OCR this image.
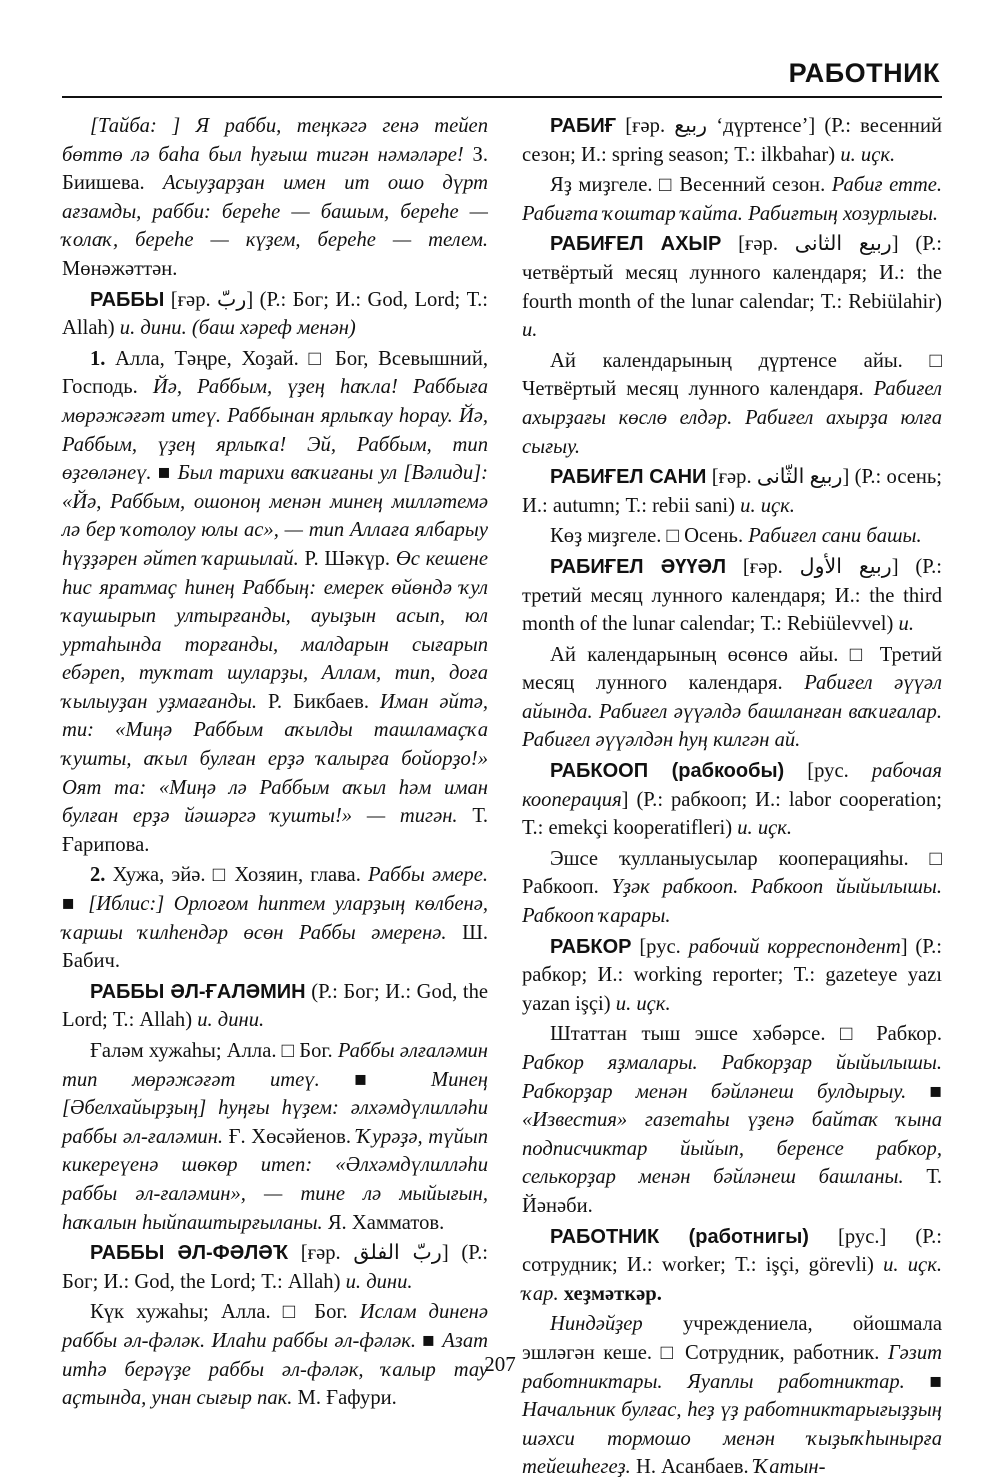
РАБОТНИК

[Тайба: ] Я рабби, теңкәгә генә тейеп бөттө лә баһа был һуғыш тигән нәмәләре! З. Биишева. Асыуҙарҙан имен ит ошо дүрт ағзамды, рабби: береһе — башым, береһе — ҡолаҡ, береһе — күҙем, береһе — телем. Мөнәжәттән.

РАББЫ [ғәр. ربّ] (Р.: Бог; И.: God, Lord; Т.: Allah) и. дини. (баш хәреф менән)

1. Алла, Тәңре, Хоҙай. □ Бог, Всевышний, Господь. Йә, Раббым, үҙең һаҡла! Раббыға мөрәжәғәт итеү. Раббынан ярлыҡау һорау. Йә, Раббым, үҙең ярлыҡа! Эй, Раббым, тип өҙгөләнеү. ■ Был тарихи ваҡиғаны ул [Вәлиди]: «Йә, Раббым, ошоноң менән минең милләтемә лә бер ҡотолоу юлы ас», — тип Аллаға ялбарыу һүҙҙәрен әйтеп ҡаршылай. Р. Шәкүр. Өс кешене һис яратмаҫ һинең Раббың: емерек өйөндә ҡул ҡаушырып ултырғанды, ауыҙын асып, юл уртаһында торғанды, малдарын сығарып ебәреп, туҡтат шуларҙы, Аллам, тип, доға ҡылыуҙан уҙмағанды. Р. Бикбаев. Иман әйтә, ти: «Миңә Раббым аҡылды ташламаҫҡа ҡушты, аҡыл булған ерҙә ҡалырға бойорҙо!» Оят та: «Миңә лә Раббым аҡыл һәм иман булған ерҙә йәшәргә ҡушты!» — тигән. Т. Ғарипова.

2. Хужа, эйә. □ Хозяин, глава. Раббы әмере. ■ [Иблис:] Орлоғом һиптем уларҙың көлбенә, ҡаршы ҡилһендәр өсөн Раббы әмеренә. Ш. Бабич.

РАББЫ ӘЛ-ҒАЛӘМИН (Р.: Бог; И.: God, the Lord; Т.: Allah) и. дини.

Ғаләм хужаһы; Алла. □ Бог. Раббы әлғаләмин тип мөрәжәғәт итеү. ■ Минең [Әбелхайырҙың] һуңғы һүҙем: әлхәмдүлилләһи раббы әл-ғаләмин. Ғ. Хөсәйенов. Ҡурәҙә, түйып кикереүенә шөкөр итеп: «Әлхәмдүлилләһи раббы әл-ғаләмин», — тине лә мыйығын, һаҡалын һыйпаштырғыланы. Я. Хамматов.

РАББЫ ӘЛ-ФӘЛӘҠ [ғәр. ربّ الفلق] (Р.: Бог; И.: God, the Lord; Т.: Allah) и. дини.

Күк хужаһы; Алла. □ Бог. Ислам диненә раббы әл-фәләк. Илаһи раббы әл-фәләк. ■ Азат итһә берәүҙе раббы әл-фәләк, ҡалыр тау аҫтында, унан сығыр пак. М. Ғафури.

РАБИҒ [ғәр. ربیع ‘дүртенсе’] (Р.: весенний сезон; И.: spring season; Т.: ilkbahar) и. иҫк.

Яҙ миҙгеле. □ Весенний сезон. Рабиғ етте. Рабиғта ҡоштар ҡайта. Рабиғтың хозурлығы.

РАБИҒЕЛ АХЫР [ғәр. ربیع الثانی] (Р.: четвёртый месяц лунного календаря; И.: the fourth month of the lunar calendar; Т.: Rebiülahir) и.

Ай календарының дүртенсе айы. □ Четвёртый месяц лунного календаря. Рабиғел ахырҙағы көслө елдәр. Рабиғел ахырҙа юлға сығыу.

РАБИҒЕЛ САНИ [ғәр. ربیع الثّانی] (Р.: осень; И.: autumn; Т.: rebii sani) и. иҫк.

Көҙ миҙгеле. □ Осень. Рабиғел сани башы.

РАБИҒЕЛ ӘҮҮӘЛ [ғәр. ربیع الأول] (Р.: третий месяц лунного календаря; И.: the third month of the lunar calendar; Т.: Rebiülevvel) и.

Ай календарының өсөнсө айы. □ Третий месяц лунного календаря. Рабиғел әүүәл айында. Рабиғел әүүәлдә башланған ваҡиғалар. Рабиғел әүүәлдән һуң килгән ай.

РАБКООП (рабкообы) [рус. рабочая кооперация] (Р.: рабкооп; И.: labor cooperation; Т.: emekçi kooperatifleri) и. иҫк.

Эшсе ҡулланыусылар кооперацияһы. □ Рабкооп. Үҙәк рабкооп. Рабкооп йыйылышы. Рабкооп ҡарары.

РАБКОР [рус. рабочий корреспондент] (Р.: рабкор; И.: working reporter; Т.: gazeteye yazı yazan işçi) и. иҫк.

Штаттан тыш эшсе хәбәрсе. □ Рабкор. Рабкор яҙмалары. Рабкорҙар йыйылышы. Рабкорҙар менән бәйләнеш булдырыу. ■ «Известия» газетаһы үҙенә байтаҡ ҡына подписчиктар йыйып, беренсе рабкор, селькорҙар менән бәйләнеш башланы. Т. Йәнәби.

РАБОТНИК (работнигы) [рус.] (Р.: сотрудник; И.: worker; Т.: işçi, görevli) и. иҫк. ҡар. хеҙмәткәр.

Ниндәйҙер учреждениела, ойошмала эшләгән кеше. □ Сотрудник, работник. Гәзит работниктары. Яуаплы работниктар. ■ Начальник булғас, һеҙ үҙ работниктарығыҙҙың шәхси тормошо менән ҡыҙыҡһынырға тейешһегеҙ. Н. Асанбаев. Ҡатын-

207
